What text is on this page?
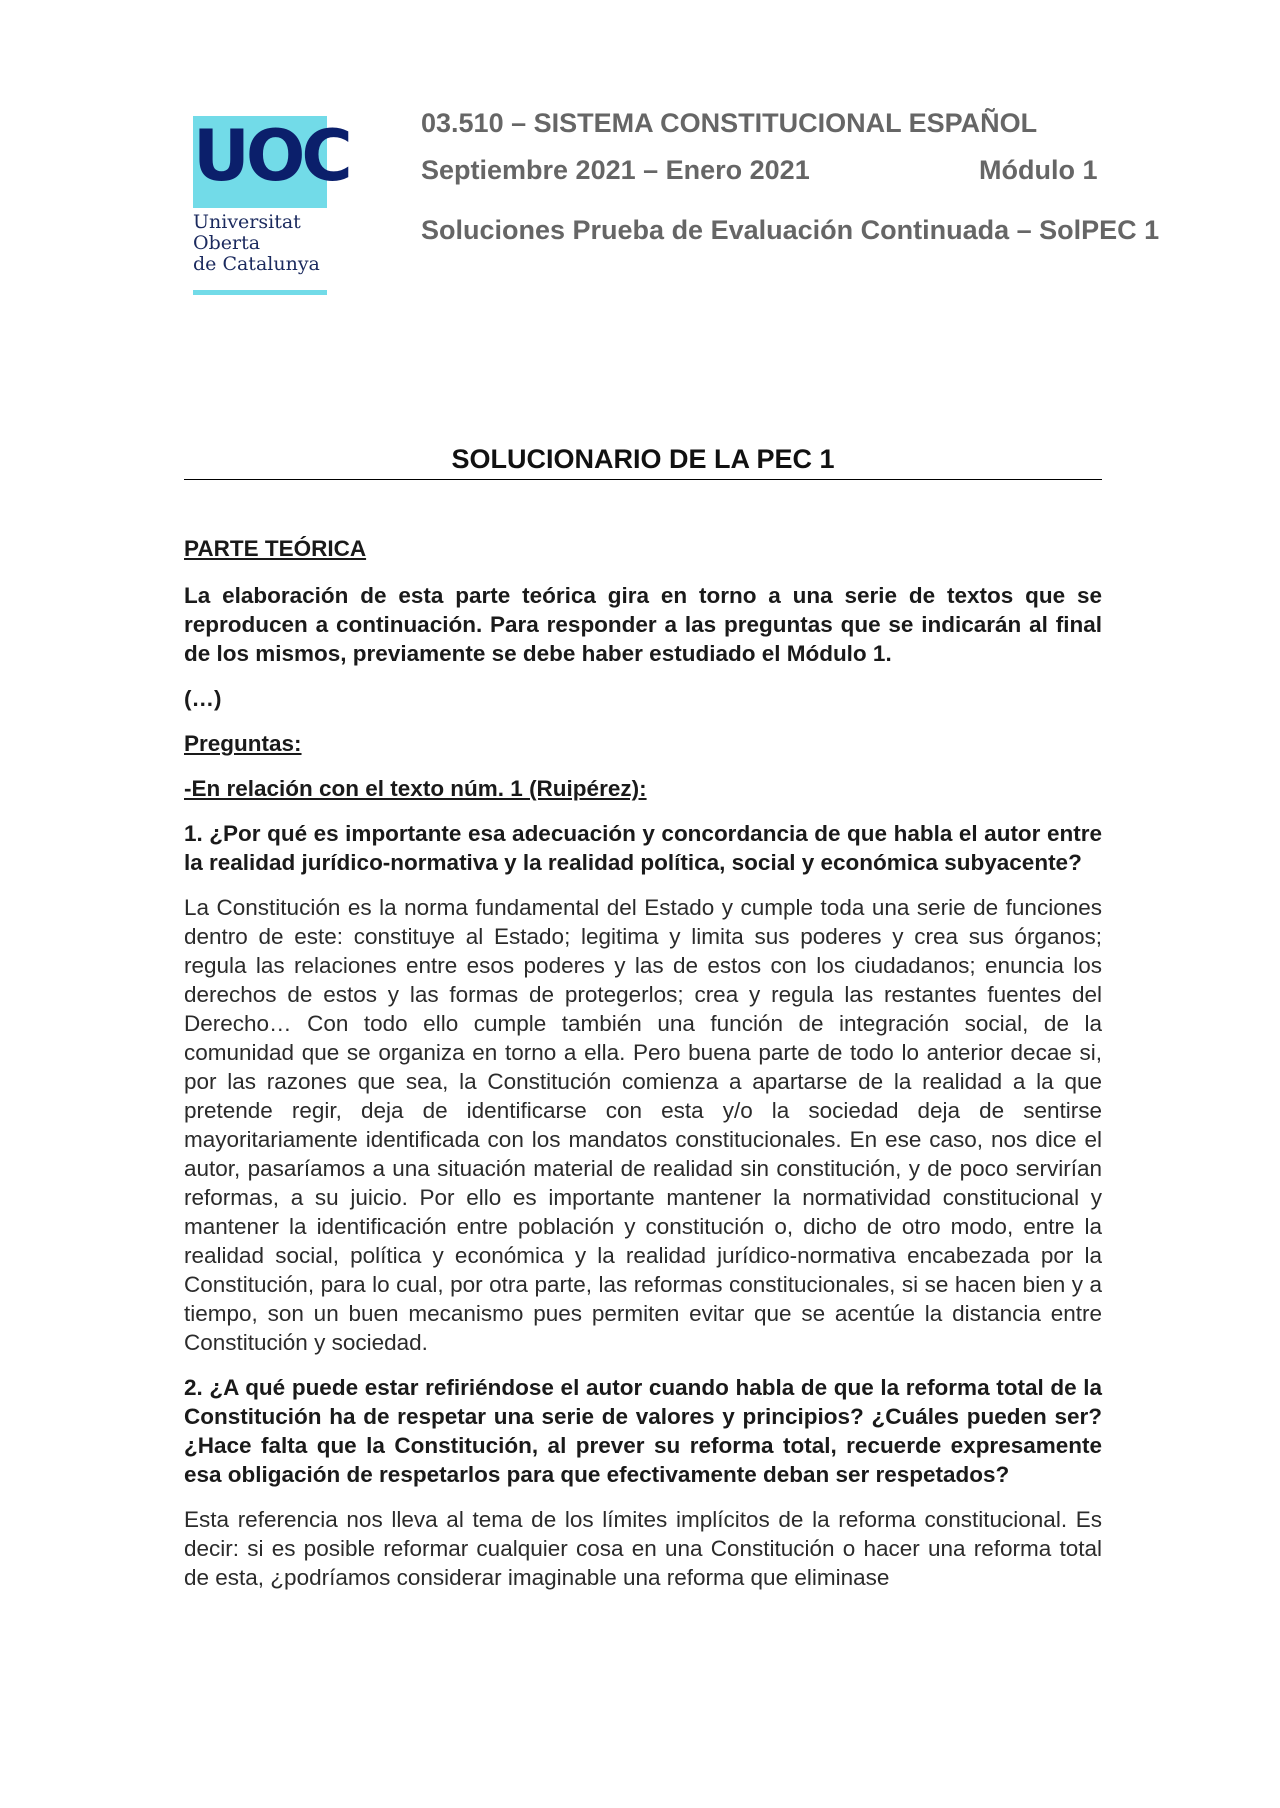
UOC
Universitat
Oberta
de Catalunya
03.510 – SISTEMA CONSTITUCIONAL ESPAÑOL
Septiembre 2021 – Enero 2021	Módulo 1
Soluciones Prueba de Evaluación Continuada – SolPEC 1
SOLUCIONARIO DE LA PEC 1

PARTE TEÓRICA

La elaboración de esta parte teórica gira en torno a una serie de textos que se reproducen a continuación. Para responder a las preguntas que se indicarán al final de los mismos, previamente se debe haber estudiado el Módulo 1.

(…)

Preguntas:

-En relación con el texto núm. 1 (Ruipérez):

1. ¿Por qué es importante esa adecuación y concordancia de que habla el autor entre la realidad jurídico-normativa y la realidad política, social y económica subyacente?

La Constitución es la norma fundamental del Estado y cumple toda una serie de funciones dentro de este: constituye al Estado; legitima y limita sus poderes y crea sus órganos; regula las relaciones entre esos poderes y las de estos con los ciudadanos; enuncia los derechos de estos y las formas de protegerlos; crea y regula las restantes fuentes del Derecho… Con todo ello cumple también una función de integración social, de la comunidad que se organiza en torno a ella. Pero buena parte de todo lo anterior decae si, por las razones que sea, la Constitución comienza a apartarse de la realidad a la que pretende regir, deja de identificarse con esta y/o la sociedad deja de sentirse mayoritariamente identificada con los mandatos constitucionales. En ese caso, nos dice el autor, pasaríamos a una situación material de realidad sin constitución, y de poco servirían reformas, a su juicio. Por ello es importante mantener la normatividad constitucional y mantener la identificación entre población y constitución o, dicho de otro modo, entre la realidad social, política y económica y la realidad jurídico-normativa encabezada por la Constitución, para lo cual, por otra parte, las reformas constitucionales, si se hacen bien y a tiempo, son un buen mecanismo pues permiten evitar que se acentúe la distancia entre Constitución y sociedad.

2. ¿A qué puede estar refiriéndose el autor cuando habla de que la reforma total de la Constitución ha de respetar una serie de valores y principios? ¿Cuáles pueden ser? ¿Hace falta que la Constitución, al prever su reforma total, recuerde expresamente esa obligación de respetarlos para que efectivamente deban ser respetados?

Esta referencia nos lleva al tema de los límites implícitos de la reforma constitucional. Es decir: si es posible reformar cualquier cosa en una Constitución o hacer una reforma total de esta, ¿podríamos considerar imaginable una reforma que eliminase
